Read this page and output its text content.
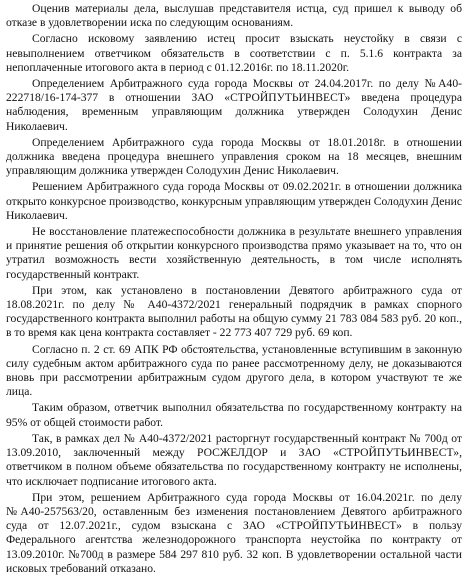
Оценив материалы дела, выслушав представителя истца, суд пришел к выводу об отказе в удовлетворении иска по следующим основаниям.

Согласно исковому заявлению истец просит взыскать неустойку в связи с невыполнением ответчиком обязательств в соответствии с п. 5.1.6 контракта за непоплаченные итогового акта в период с 01.12.2016г. по 18.11.2020г.

Определением Арбитражного суда города Москвы от 24.04.2017г. по делу №А40-222718/16-174-377 в отношении ЗАО «СТРОЙПУТЬИНВЕСТ» введена процедура наблюдения, временным управляющим должника утвержден Солодухин Денис Николаевич.

Определением Арбитражного суда города Москвы от 18.01.2018г. в отношении должника введена процедура внешнего управления сроком на 18 месяцев, внешним управляющим должника утвержден Солодухин Денис Николаевич.

Решением Арбитражного суда города Москвы от 09.02.2021г. в отношении должника открыто конкурсное производство, конкурсным управляющим утвержден Солодухин Денис Николаевич.

Не восстановление платежеспособности должника в результате внешнего управления и принятие решения об открытии конкурсного производства прямо указывает на то, что он утратил возможность вести хозяйственную деятельность, в том числе исполнять государственный контракт.

При этом, как установлено в постановлении Девятого арбитражного суда от 18.08.2021г. по делу № А40-4372/2021 генеральный подрядчик в рамках спорного государственного контракта выполнил работы на общую сумму 21 783 084 583 руб. 20 коп., в то время как цена контракта составляет - 22 773 407 729 руб. 69 коп.

Согласно п. 2 ст. 69 АПК РФ обстоятельства, установленные вступившим в законную силу судебным актом арбитражного суда по ранее рассмотренному делу, не доказываются вновь при рассмотрении арбитражным судом другого дела, в котором участвуют те же лица.

Таким образом, ответчик выполнил обязательства по государственному контракту на 95% от общей стоимости работ.

Так, в рамках дел № А40-4372/2021 расторгнут государственный контракт № 700д от 13.09.2010, заключенный между РОСЖЕЛДОР и ЗАО «СТРОЙПУТЬИНВЕСТ», ответчиком в полном объеме обязательства по государственному контракту не исполнены, что исключает подписание итогового акта.

При этом, решением Арбитражного суда города Москвы от 16.04.2021г. по делу №А40-257563/20, оставленным без изменения постановлением Девятого арбитражного суда от 12.07.2021г., судом взыскана с ЗАО «СТРОЙПУТЬИНВЕСТ» в пользу Федерального агентства железнодорожного транспорта неустойка по контракту от 13.09.2010г. №700д в размере 584 297 810 руб. 32 коп. В удовлетворении остальной части исковых требований отказано.
